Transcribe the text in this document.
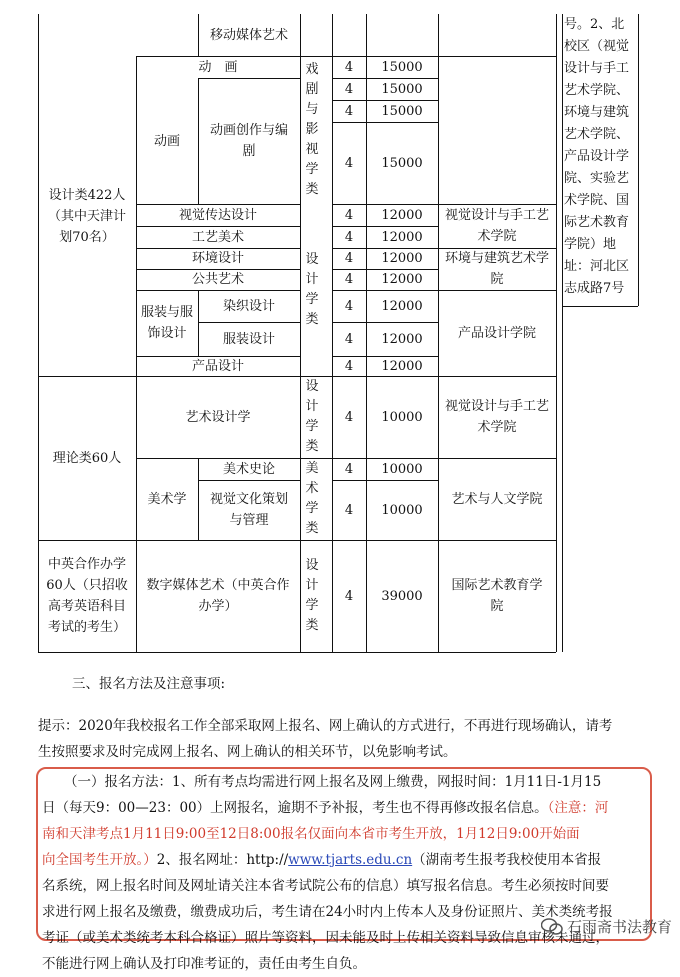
移动媒体艺术
号。2、北校区（视觉设计与手工艺术学院、环境与建筑艺术学院、产品设计学院、实验艺术学院、国际艺术教育学院）地址：河北区志成路7号
设计类422人（其中天津计划70名）
动　画
动画
动画创作与编剧
戏剧与影视学类
视觉传达设计
工艺美术
环境设计
公共艺术
服装与服饰设计
染织设计
服装设计
产品设计
设计学类
视觉设计与手工艺术学院
环境与建筑艺术学院
产品设计学院
理论类60人
艺术设计学
设计学类
视觉设计与手工艺术学院
美术学
美术史论
视觉文化策划与管理
美术学类
艺术与人文学院
中英合作办学 60人（只招收高考英语科目考试的考生）
数字媒体艺术（中英合作办学）
设计学类
国际艺术教育学院
4
4
4
4
4
4
4
4
4
4
4
4
4
4
4
15000
15000
15000
15000
12000
12000
12000
12000
12000
12000
12000
10000
10000
10000
39000
三、报名方法及注意事项:
提示：2020年我校报名工作全部采取网上报名、网上确认的方式进行，不再进行现场确认，请考
生按照要求及时完成网上报名、网上确认的相关环节，以免影响考试。
（一）报名方法：1、所有考点均需进行网上报名及网上缴费，网报时间：1月11日-1月15
日（每天9：00—23：00）上网报名，逾期不予补报，考生也不得再修改报名信息。（注意：河
南和天津考点1月11日9:00至12日8:00报名仅面向本省市考生开放，1月12日9:00开始面
向全国考生开放。）2、报名网址：http://www.tjarts.edu.cn（湖南考生报考我校使用本省报
名系统，网上报名时间及网址请关注本省考试院公布的信息）填写报名信息。考生必须按时间要
求进行网上报名及缴费，缴费成功后，考生请在24小时内上传本人及身份证照片、美术类统考报
考证（或美术类统考本科合格证）照片等资料，因未能及时上传相关资料导致信息审核未通过，
不能进行网上确认及打印准考证的，责任由考生自负。
石雨斋书法教育
